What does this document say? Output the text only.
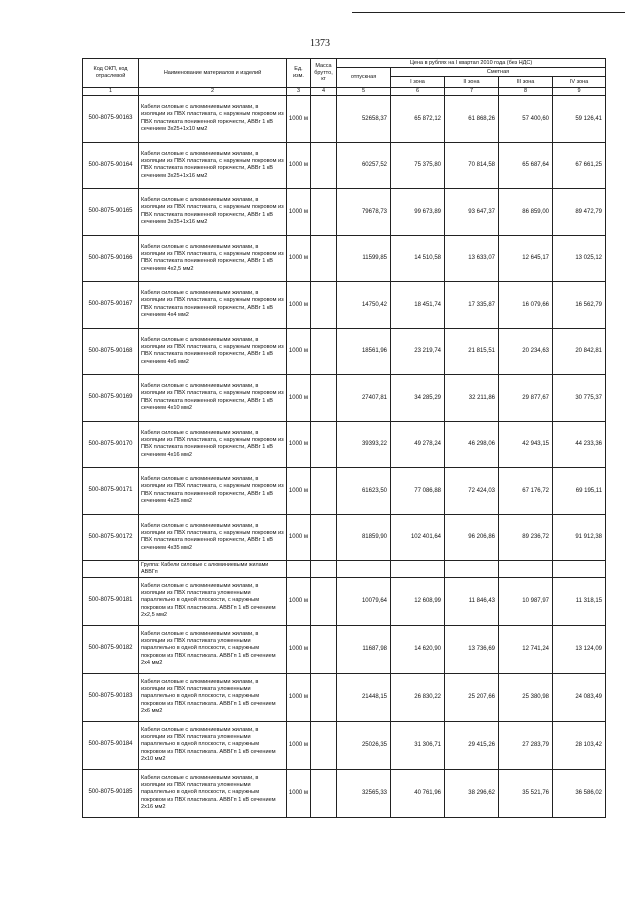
1373
Код ОКП, код отраслевой	Наименование материалов и изделий	Ед. изм.	Масса брутто, кг	Цена в рублях на I квартал 2010 года (без НДС)				
				отпускная	Сметная			
					I зона	II зона	III зона	IV зона
1	2	3	4	5	6	7	8	9
500-8075-90163	Кабели силовые с алюминиевыми жилами, в изоляции из ПВХ пластиката, с наружным покровом из ПВХ пластиката пониженной горючести, АВВг 1 кВ сечением 3х25+1х10 мм2	1000 м		52658,37	65 872,12	61 868,26	57 400,60	59 126,41
500-8075-90164	Кабели силовые с алюминиевыми жилами, в изоляции из ПВХ пластиката, с наружным покровом из ПВХ пластиката пониженной горючести, АВВг 1 кВ сечением 3х25+1х16 мм2	1000 м		60257,52	75 375,80	70 814,58	65 687,64	67 661,25
500-8075-90165	Кабели силовые с алюминиевыми жилами, в изоляции из ПВХ пластиката, с наружным покровом из ПВХ пластиката пониженной горючести, АВВг 1 кВ сечением 3х35+1х16 мм2	1000 м		79678,73	99 673,89	93 647,37	86 859,00	89 472,79
500-8075-90166	Кабели силовые с алюминиевыми жилами, в изоляции из ПВХ пластиката, с наружным покровом из ПВХ пластиката пониженной горючести, АВВг 1 кВ сечением 4х2,5 мм2	1000 м		11599,85	14 510,58	13 633,07	12 645,17	13 025,12
500-8075-90167	Кабели силовые с алюминиевыми жилами, в изоляции из ПВХ пластиката, с наружным покровом из ПВХ пластиката пониженной горючести, АВВг 1 кВ сечением 4х4 мм2	1000 м		14750,42	18 451,74	17 335,87	16 079,66	16 562,79
500-8075-90168	Кабели силовые с алюминиевыми жилами, в изоляции из ПВХ пластиката, с наружным покровом из ПВХ пластиката пониженной горючести, АВВг 1 кВ сечением 4х6 мм2	1000 м		18561,96	23 219,74	21 815,51	20 234,63	20 842,81
500-8075-90169	Кабели силовые с алюминиевыми жилами, в изоляции из ПВХ пластиката, с наружным покровом из ПВХ пластиката пониженной горючести, АВВг 1 кВ сечением 4х10 мм2	1000 м		27407,81	34 285,29	32 211,86	29 877,67	30 775,37
500-8075-90170	Кабели силовые с алюминиевыми жилами, в изоляции из ПВХ пластиката, с наружным покровом из ПВХ пластиката пониженной горючести, АВВг 1 кВ сечением 4х16 мм2	1000 м		39393,22	49 278,24	46 298,06	42 943,15	44 233,36
500-8075-90171	Кабели силовые с алюминиевыми жилами, в изоляции из ПВХ пластиката, с наружным покровом из ПВХ пластиката пониженной горючести, АВВг 1 кВ сечением 4х25 мм2	1000 м		61623,50	77 086,88	72 424,03	67 176,72	69 195,11
500-8075-90172	Кабели силовые с алюминиевыми жилами, в изоляции из ПВХ пластиката, с наружным покровом из ПВХ пластиката пониженной горючести, АВВг 1 кВ сечением 4х35 мм2	1000 м		81859,90	102 401,64	96 206,86	89 236,72	91 912,38
	Группа: Кабели силовые с алюминиевыми жилами АВВГп							
500-8075-90181	Кабели силовые с алюминиевыми жилами, в изоляции из ПВХ пластиката уложенными параллельно в одной плоскости, с наружным покровом из ПВХ пластиката. АВВГп 1 кВ сечением 2х2,5 мм2	1000 м		10079,64	12 608,99	11 846,43	10 987,97	11 318,15
500-8075-90182	Кабели силовые с алюминиевыми жилами, в изоляции из ПВХ пластиката уложенными параллельно в одной плоскости, с наружным покровом из ПВХ пластиката. АВВГп 1 кВ сечением 2х4 мм2	1000 м		11687,98	14 620,90	13 736,69	12 741,24	13 124,09
500-8075-90183	Кабели силовые с алюминиевыми жилами, в изоляции из ПВХ пластиката уложенными параллельно в одной плоскости, с наружным покровом из ПВХ пластиката. АВВГп 1 кВ сечением 2х6 мм2	1000 м		21448,15	26 830,22	25 207,66	25 380,98	24 083,49
500-8075-90184	Кабели силовые с алюминиевыми жилами, в изоляции из ПВХ пластиката уложенными параллельно в одной плоскости, с наружным покровом из ПВХ пластиката. АВВГп 1 кВ сечением 2х10 мм2	1000 м		25026,35	31 306,71	29 415,26	27 283,79	28 103,42
500-8075-90185	Кабели силовые с алюминиевыми жилами, в изоляции из ПВХ пластиката уложенными параллельно в одной плоскости, с наружным покровом из ПВХ пластиката. АВВГп 1 кВ сечением 2х16 мм2	1000 м		32565,33	40 761,96	38 296,62	35 521,76	36 586,02
